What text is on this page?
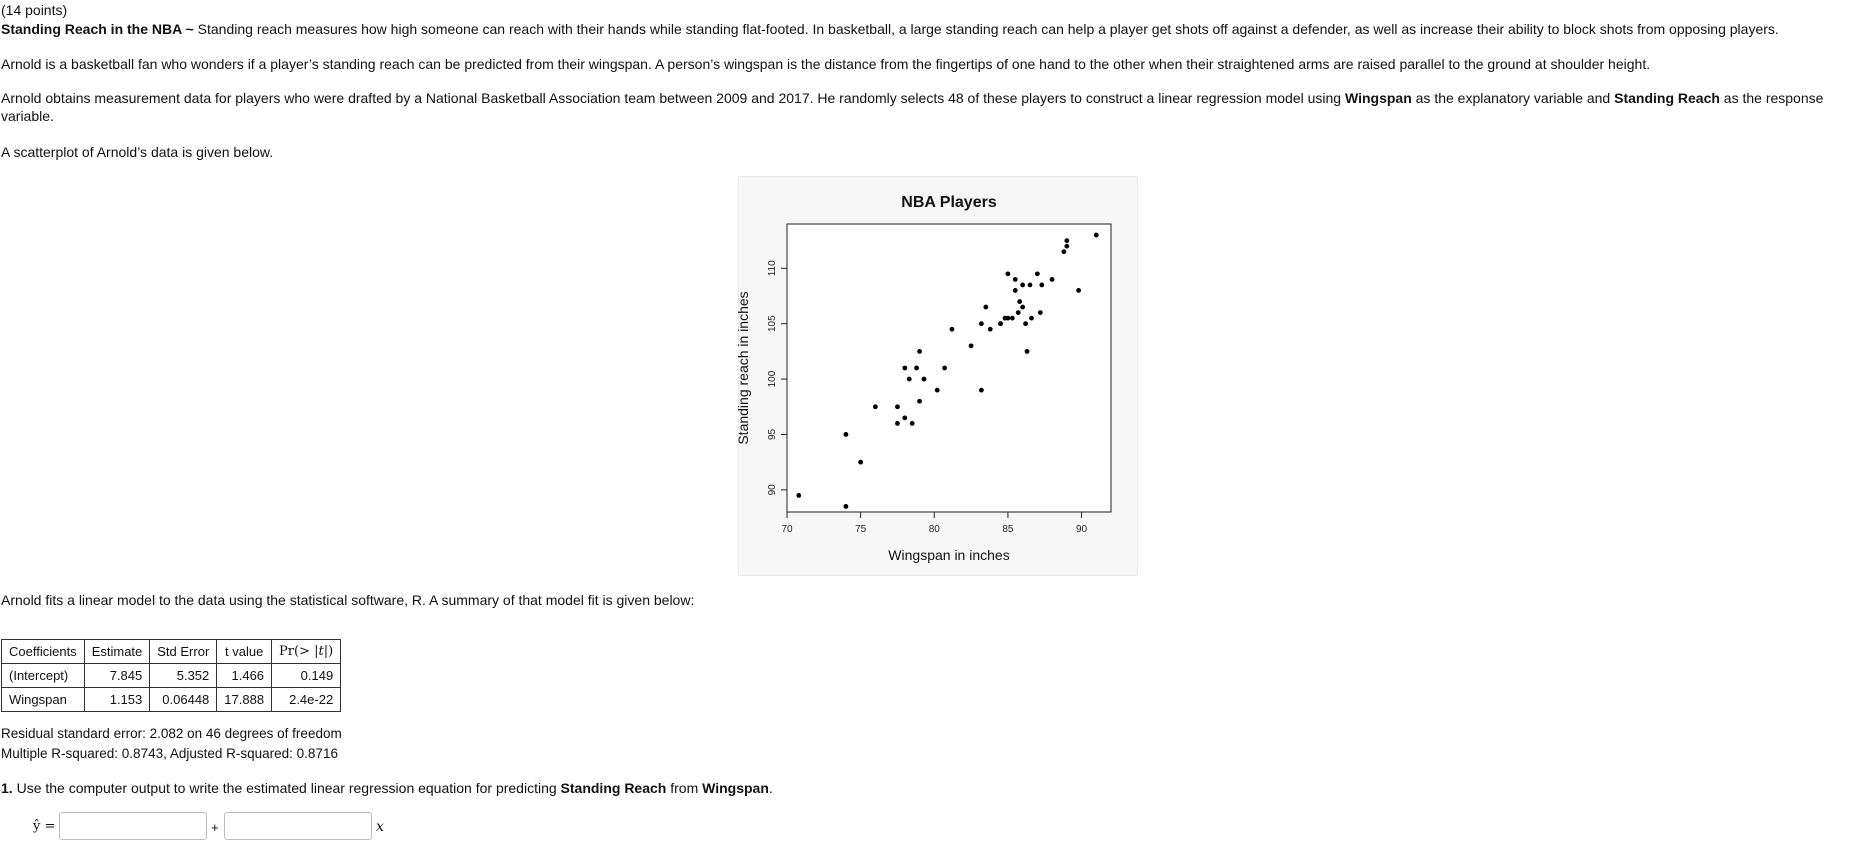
(14 points)
Standing Reach in the NBA ~ Standing reach measures how high someone can reach with their hands while standing flat-footed. In basketball, a large standing reach can help a player get shots off against a defender, as well as increase their ability to block shots from opposing players.
Arnold is a basketball fan who wonders if a player’s standing reach can be predicted from their wingspan. A person’s wingspan is the distance from the fingertips of one hand to the other when their straightened arms are raised parallel to the ground at shoulder height.
Arnold obtains measurement data for players who were drafted by a National Basketball Association team between 2009 and 2017. He randomly selects 48 of these players to construct a linear regression model using Wingspan as the explanatory variable and Standing Reach as the response variable.
A scatterplot of Arnold’s data is given below.
NBA Players
Wingspan in inches
Standing reach in inches
70	75	80	85	90
90
95
100
105
110
Arnold fits a linear model to the data using the statistical software, R. A summary of that model fit is given below:
Coefficients	Estimate	Std Error	t value	Pr(> |t|)
(Intercept)	7.845	5.352	1.466	0.149
Wingspan	1.153	0.06448	17.888	2.4e-22
Residual standard error: 2.082 on 46 degrees of freedom
Multiple R-squared: 0.8743, Adjusted R-squared: 0.8716
1. Use the computer output to write the estimated linear regression equation for predicting Standing Reach from Wingspan.
ŷ =	+	x
